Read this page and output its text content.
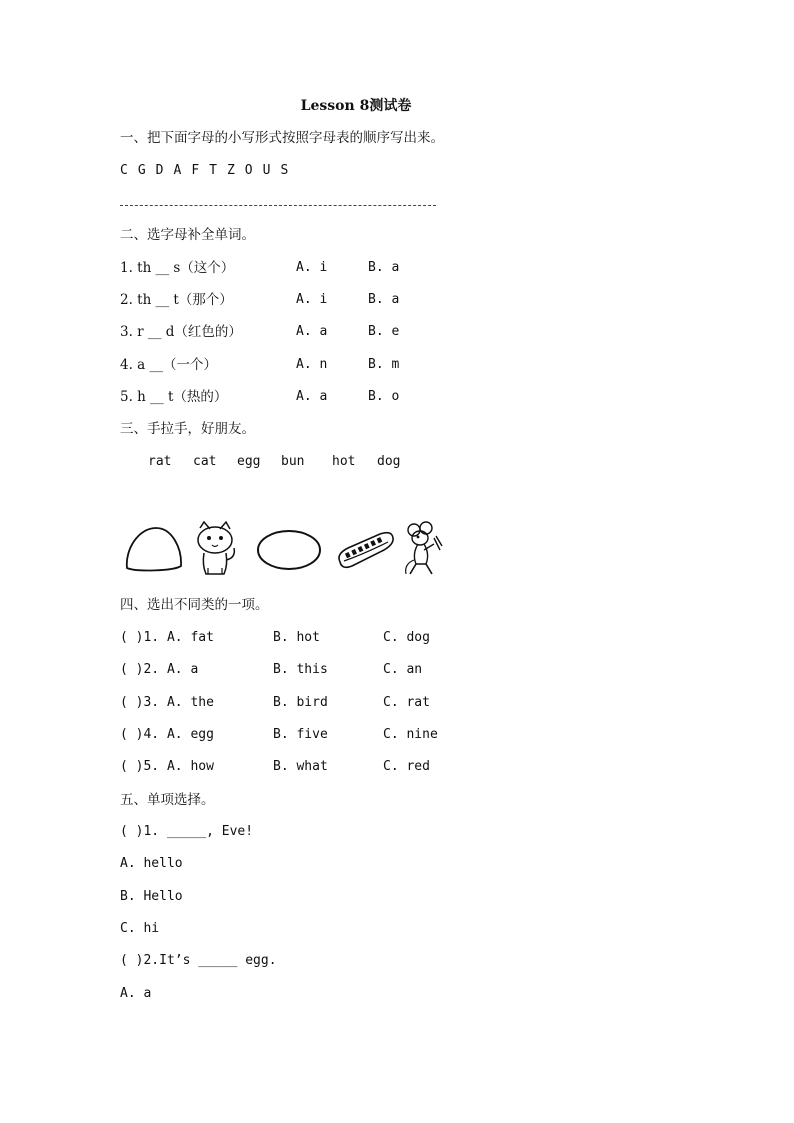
Lesson 8测试卷
一、把下面字母的小写形式按照字母表的顺序写出来。
C G D A F T Z O U S
二、选字母补全单词。
1. th __ s（这个）	A. i	B. a
2. th __ t（那个）	A. i	B. a
3. r __ d（红色的）	A. a	B. e
4. a __（一个）	A. n	B. m
5. h __ t（热的）	A. a	B. o
三、手拉手，好朋友。
rat cat egg bun hot dog
四、选出不同类的一项。
( )1. A. fat	B. hot	C. dog
( )2. A. a	B. this	C. an
( )3. A. the	B. bird	C. rat
( )4. A. egg	B. five	C. nine
( )5. A. how	B. what	C. red
五、单项选择。
( )1. _____, Eve!
A. hello
B. Hello
C. hi
( )2.It’s _____ egg.
A. a
